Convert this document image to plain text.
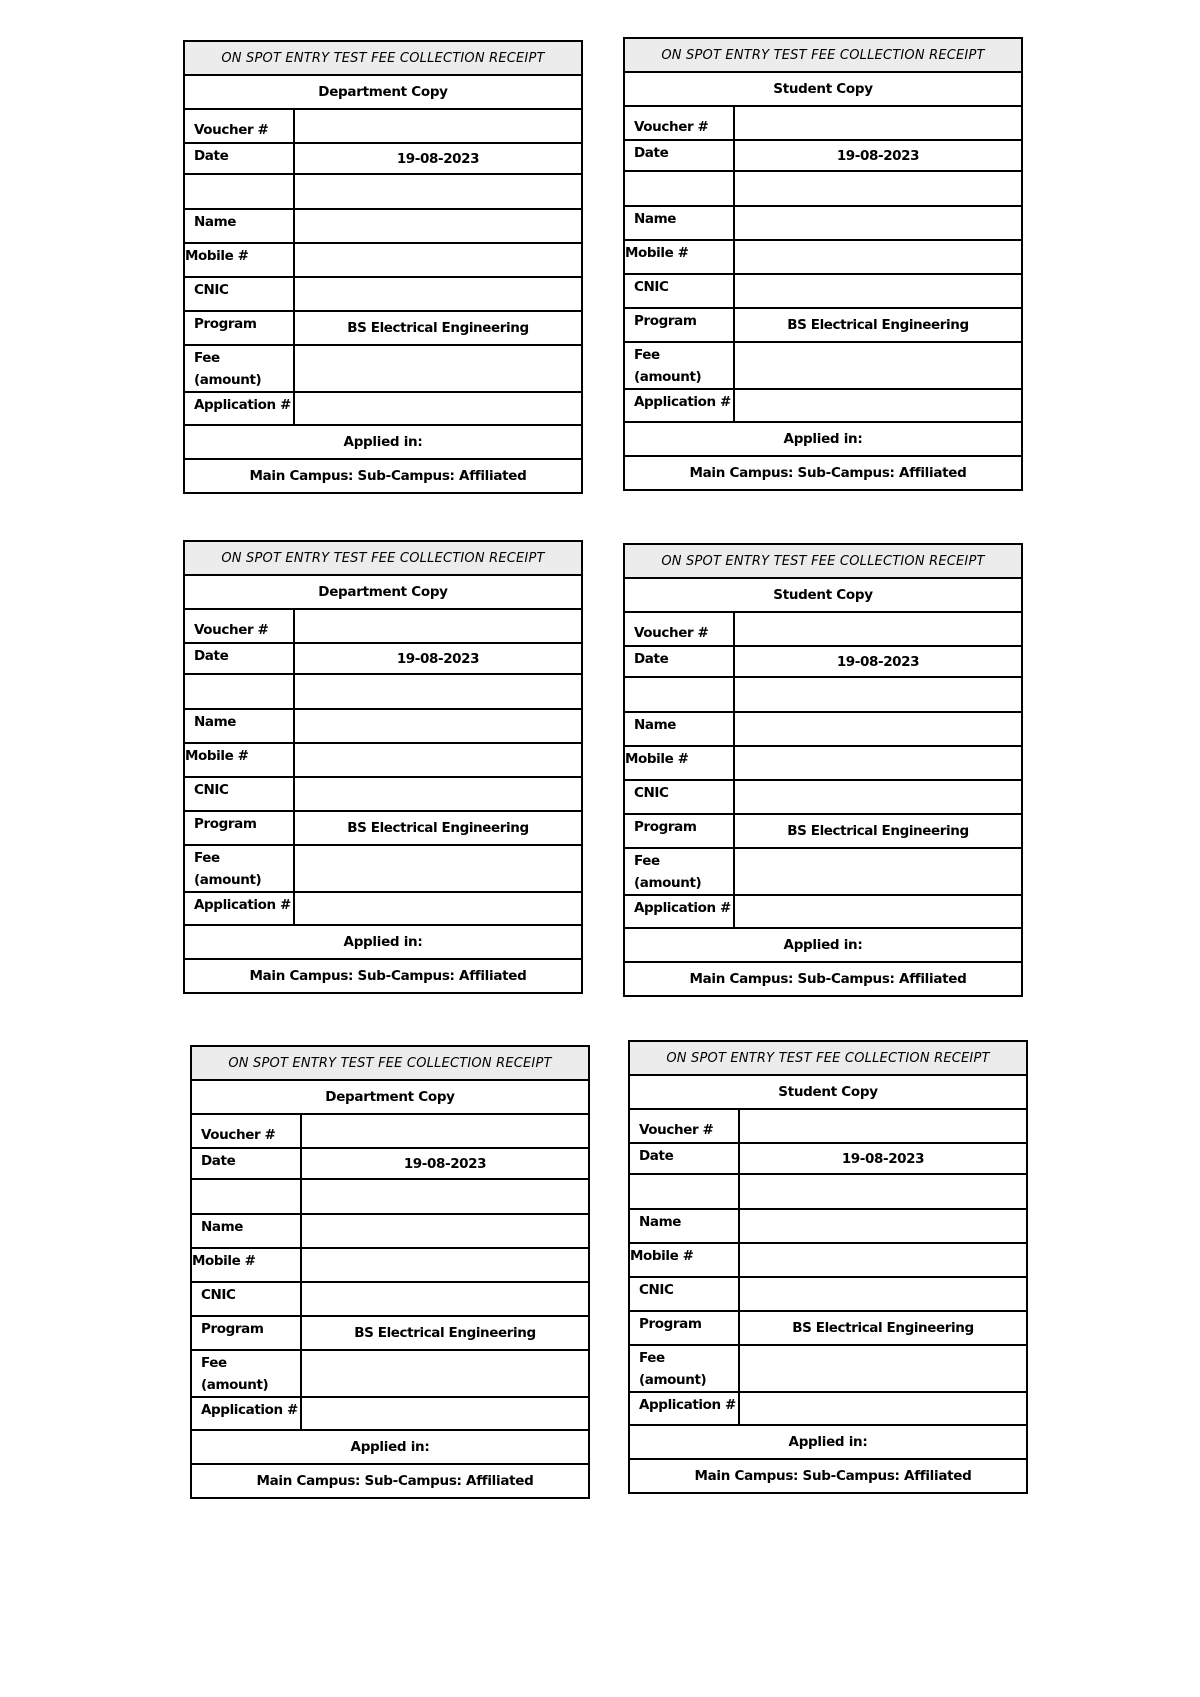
ON SPOT ENTRY TEST FEE COLLECTION RECEIPT
Department Copy
Voucher #
Date	19-08-2023
Name
Mobile #
CNIC
Program	BS Electrical Engineering
Fee
(amount)
Application #
Applied in:
Main Campus: Sub-Campus: Affiliated
ON SPOT ENTRY TEST FEE COLLECTION RECEIPT
Student Copy
Voucher #
Date	19-08-2023
Name
Mobile #
CNIC
Program	BS Electrical Engineering
Fee
(amount)
Application #
Applied in:
Main Campus: Sub-Campus: Affiliated
ON SPOT ENTRY TEST FEE COLLECTION RECEIPT
Department Copy
Voucher #
Date	19-08-2023
Name
Mobile #
CNIC
Program	BS Electrical Engineering
Fee
(amount)
Application #
Applied in:
Main Campus: Sub-Campus: Affiliated
ON SPOT ENTRY TEST FEE COLLECTION RECEIPT
Student Copy
Voucher #
Date	19-08-2023
Name
Mobile #
CNIC
Program	BS Electrical Engineering
Fee
(amount)
Application #
Applied in:
Main Campus: Sub-Campus: Affiliated
ON SPOT ENTRY TEST FEE COLLECTION RECEIPT
Department Copy
Voucher #
Date	19-08-2023
Name
Mobile #
CNIC
Program	BS Electrical Engineering
Fee
(amount)
Application #
Applied in:
Main Campus: Sub-Campus: Affiliated
ON SPOT ENTRY TEST FEE COLLECTION RECEIPT
Student Copy
Voucher #
Date	19-08-2023
Name
Mobile #
CNIC
Program	BS Electrical Engineering
Fee
(amount)
Application #
Applied in:
Main Campus: Sub-Campus: Affiliated
